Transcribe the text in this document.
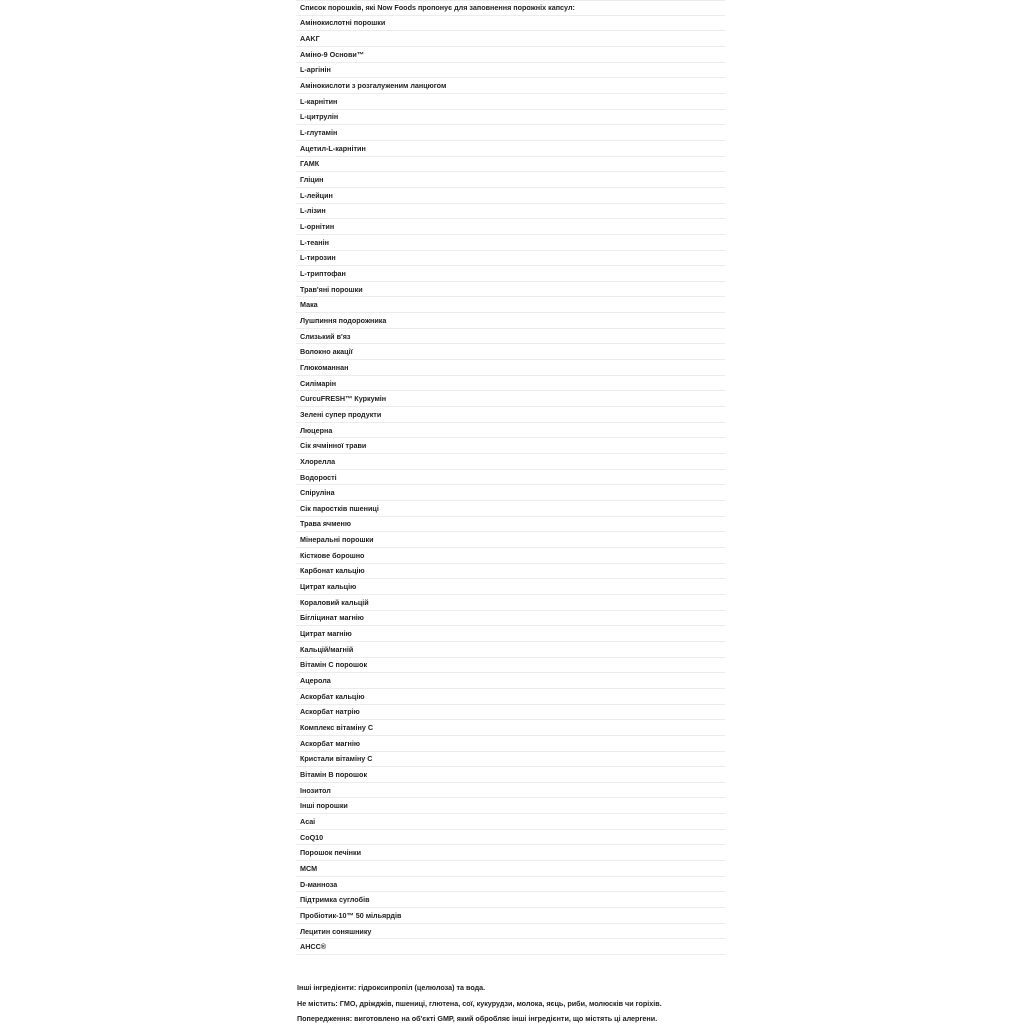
Список порошків, які Now Foods пропонує для заповнення порожніх капсул:
Амінокислотні порошки
AAKГ
Аміно-9 Основи™
L-аргінін
Амінокислоти з розгалуженим ланцюгом
L-карнітин
L-цитрулін
L-глутамін
Ацетил-L-карнітин
ГАМК
Гліцин
L-лейцин
L-лізин
L-орнітин
L-теанін
L-тирозин
L-триптофан
Трав'яні порошки
Мака
Лушпиння подорожника
Слизький в'яз
Волокно акації
Глюкоманнан
Силімарін
CurcuFRESH™ Куркумін
Зелені супер продукти
Люцерна
Сік ячмінної трави
Хлорелла
Водорості
Спіруліна
Сік паростків пшениці
Трава ячменю
Мінеральні порошки
Кісткове борошно
Карбонат кальцію
Цитрат кальцію
Кораловий кальцій
Бігліцинат магнію
Цитрат магнію
Кальцій/магній
Вітамін С порошок
Ацерола
Аскорбат кальцію
Аскорбат натрію
Комплекс вітаміну С
Аскорбат магнію
Кристали вітаміну С
Вітамін В порошок
Інозитол
Інші порошки
Acai
CoQ10
Порошок печінки
MCM
D-манноза
Підтримка суглобів
Пробіотик-10™ 50 мільярдів
Лецитин соняшнику
AHCC®
Інші інгредієнти: гідроксипропіл (целюлоза) та вода.
Не містить: ГМО, дріжджів, пшениці, глютена, сої, кукурудзи, молока, яєць, риби, молюсків чи горіхів.
Попередження: виготовлено на об'єкті GMP, який обробляє інші інгредієнти, що містять ці алергени.
